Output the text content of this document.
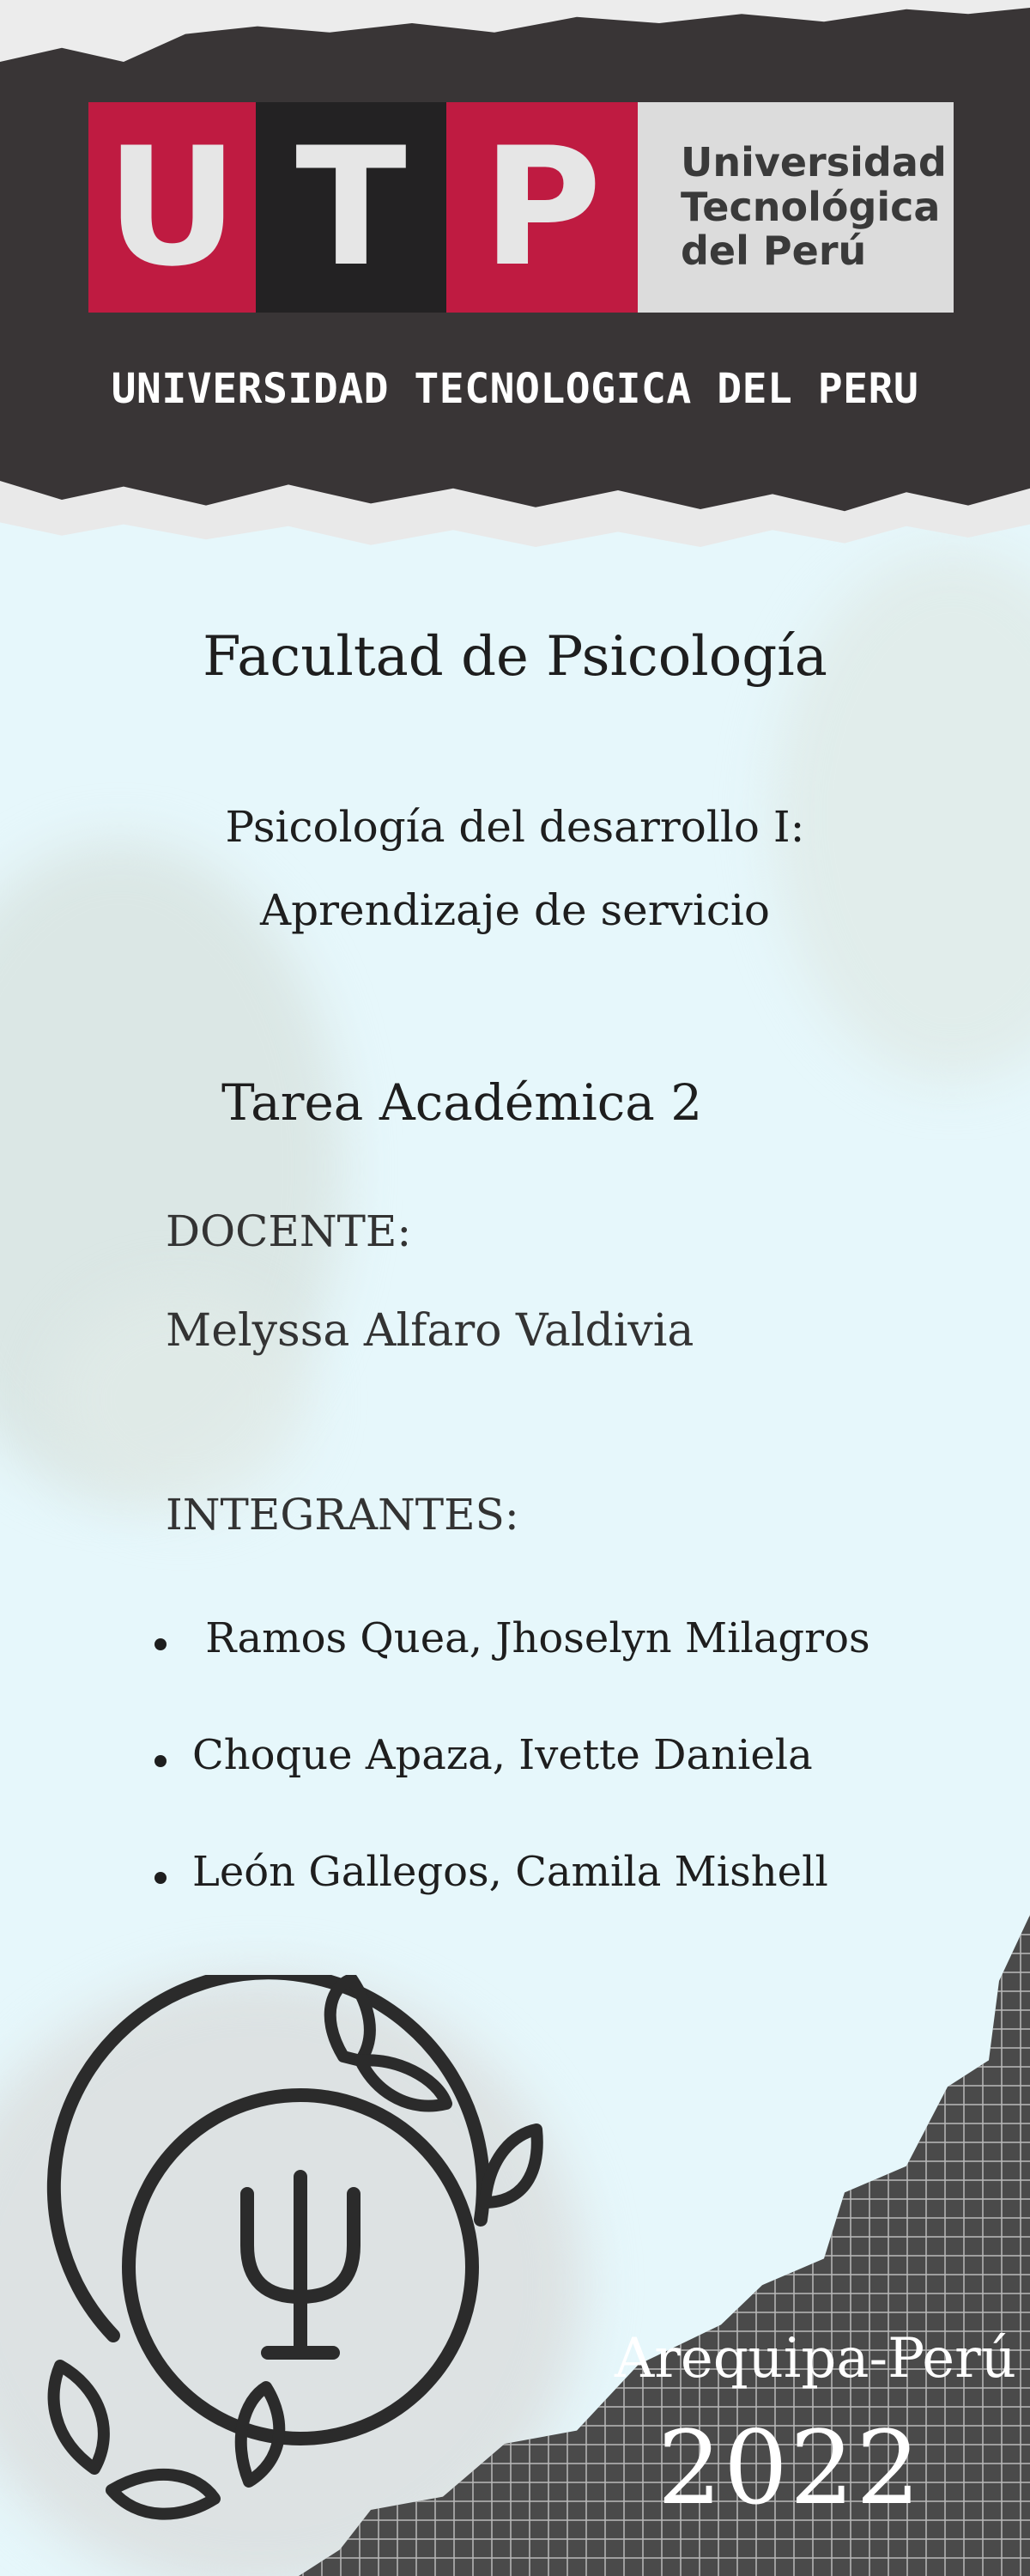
U T P	Universidad
Tecnológica
del Perú
UNIVERSIDAD TECNOLOGICA DEL PERU
Facultad de Psicología
Psicología del desarrollo I:
Aprendizaje de servicio
Tarea Académica 2
DOCENTE:
Melyssa Alfaro Valdivia
INTEGRANTES:
Ramos Quea, Jhoselyn Milagros
Choque Apaza, Ivette Daniela
León Gallegos, Camila Mishell
Arequipa-Perú
2022
